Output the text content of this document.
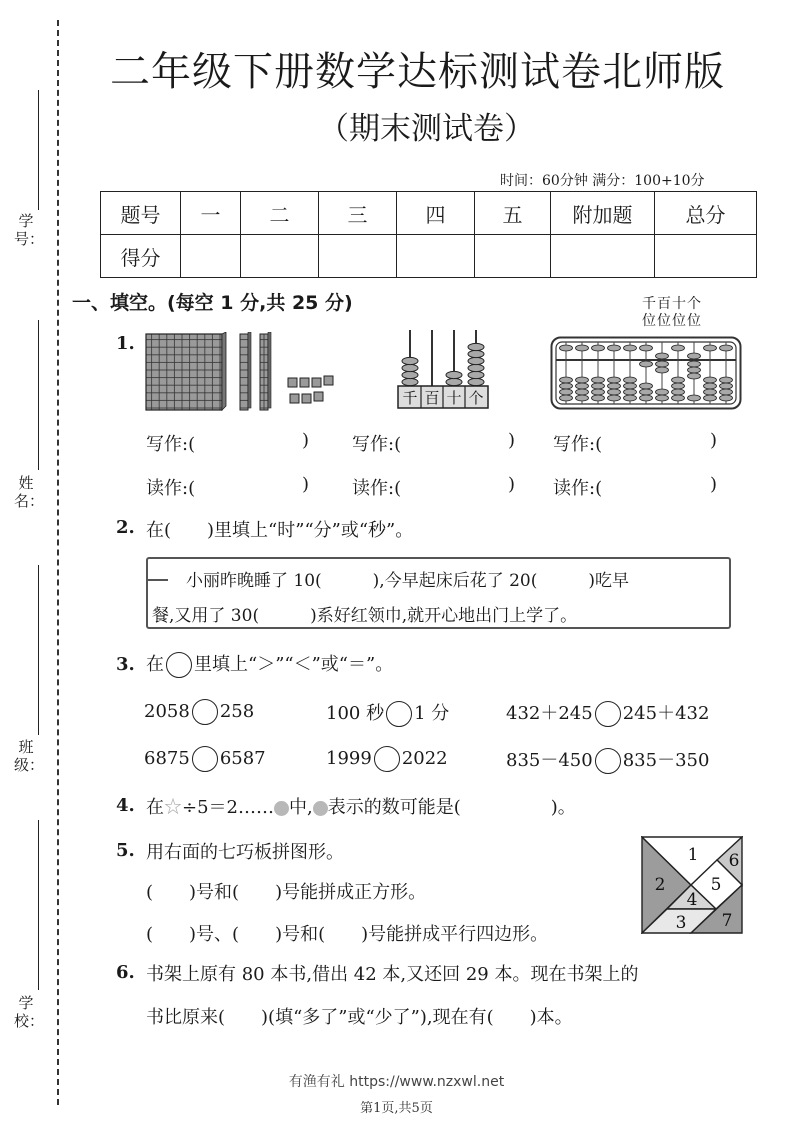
学号：
姓名：
班级：
学校：
二年级下册数学达标测试卷北师版
（期末测试卷）
时间：60分钟 满分：100+10分
题号	一	二	三	四	五	附加题	总分
得分							
一、填空。(每空 1 分,共 25 分)
1.
千 百 十 个
千百十个
位位位位
写作:(	) 写作:(	) 写作:(	)
读作:(	) 读作:(	) 读作:(	)
2. 在(　　)里填上“时”“分”或“秒”。
小丽昨晚睡了 10(　　　),今早起床后花了 20(　　　)吃早
餐,又用了 30(　　　)系好红领巾,就开心地出门上学了。
3. 在 里填上“＞”“＜”或“＝”。
2058 258	100 秒 1 分	432＋245 245＋432
6875 6587	1999 2022	835－450 835－350
4. 在☆÷5＝2…… 中, 表示的数可能是(　　　　　)。
5. 用右面的七巧板拼图形。
(　　)号和(　　)号能拼成正方形。
(　　)号、(　　)号和(　　)号能拼成平行四边形。
1
2
3
4
5
6
7
6. 书架上原有 80 本书,借出 42 本,又还回 29 本。现在书架上的
书比原来(　　)(填“多了”或“少了”),现在有(　　)本。
有渔有礼 https://www.nzxwl.net
第1页,共5页
